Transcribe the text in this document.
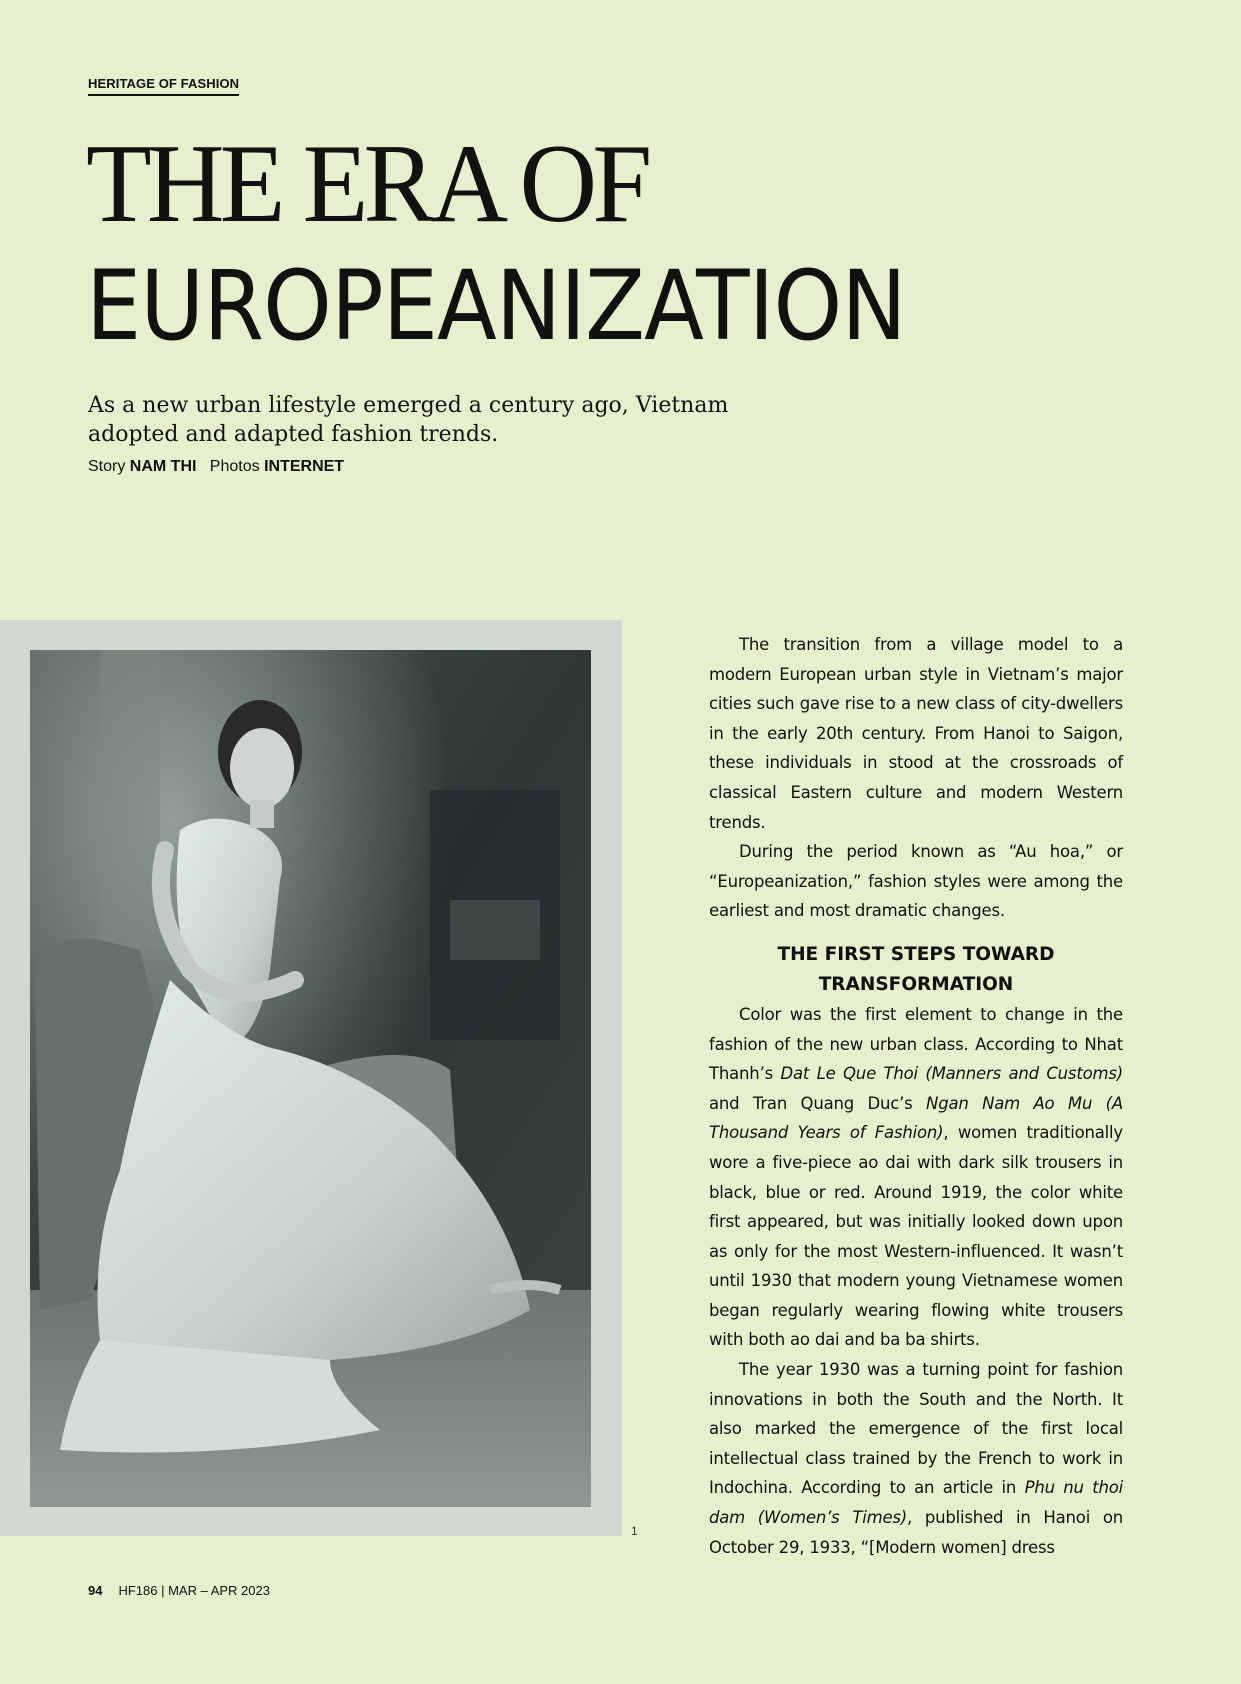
HERITAGE OF FASHION
THE ERA OF
EUROPEANIZATION
As a new urban lifestyle emerged a century ago, Vietnam adopted and adapted fashion trends.
Story NAM THI Photos INTERNET
1

The transition from a village model to a modern European urban style in Vietnam’s major cities such gave rise to a new class of city-dwellers in the early 20th century. From Hanoi to Saigon, these individuals in stood at the crossroads of classical Eastern culture and modern Western trends.

During the period known as “Au hoa,” or “Europeanization,” fashion styles were among the earliest and most dramatic changes.

THE FIRST STEPS TOWARD TRANSFORMATION

Color was the first element to change in the fashion of the new urban class. According to Nhat Thanh’s Dat Le Que Thoi (Manners and Customs) and Tran Quang Duc’s Ngan Nam Ao Mu (A Thousand Years of Fashion), women traditionally wore a five-piece ao dai with dark silk trousers in black, blue or red. Around 1919, the color white first appeared, but was initially looked down upon as only for the most Western-influenced. It wasn’t until 1930 that modern young Vietnamese women began regularly wearing flowing white trousers with both ao dai and ba ba shirts.

The year 1930 was a turning point for fashion innovations in both the South and the North. It also marked the emergence of the first local intellectual class trained by the French to work in Indochina. According to an article in Phu nu thoi dam (Women’s Times), published in Hanoi on October 29, 1933, “[Modern women] dress

94 HF186 | MAR – APR 2023
